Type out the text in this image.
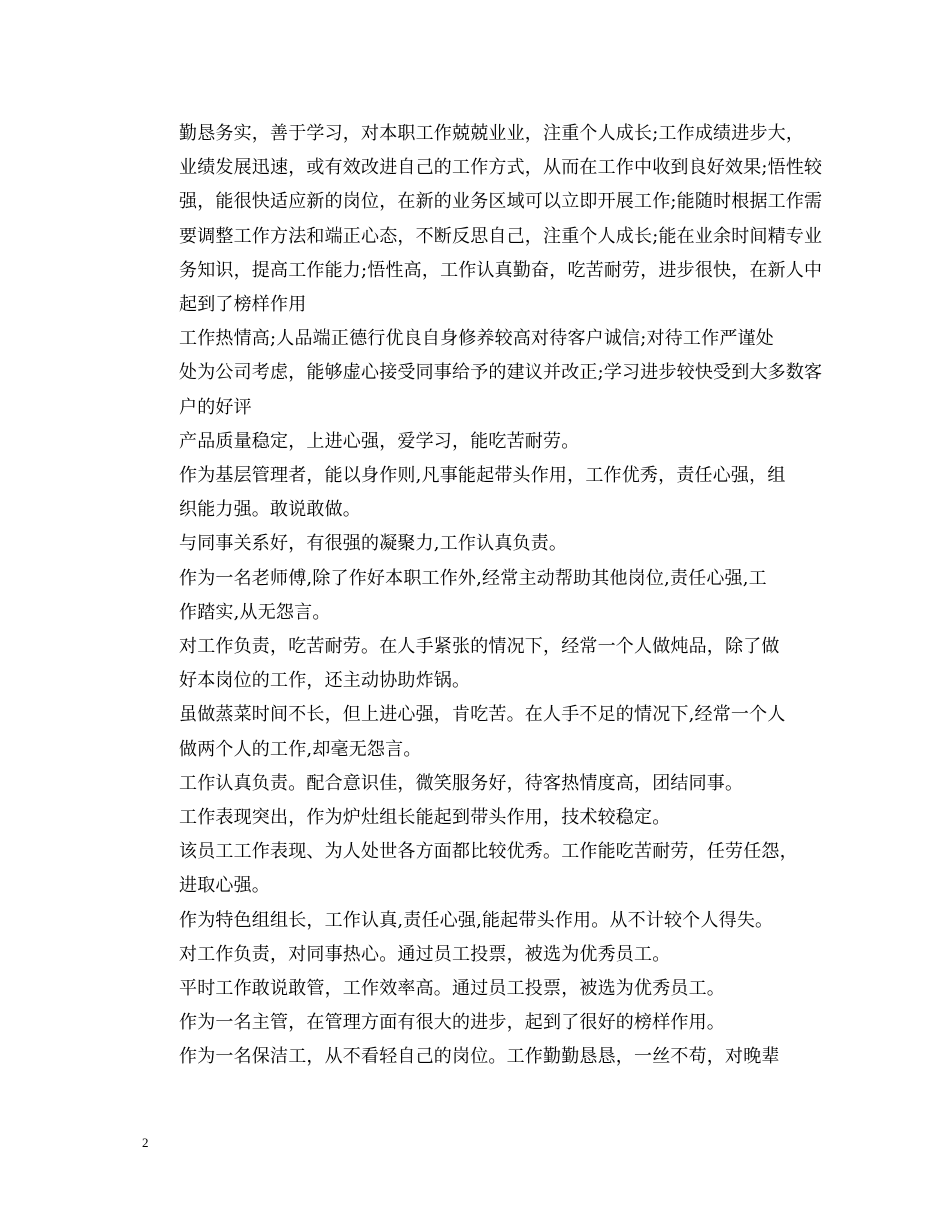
勤恳务实，善于学习，对本职工作兢兢业业，注重个人成长;工作成绩进步大，
业绩发展迅速，或有效改进自己的工作方式，从而在工作中收到良好效果;悟性较
强，能很快适应新的岗位，在新的业务区域可以立即开展工作;能随时根据工作需
要调整工作方法和端正心态，不断反思自己，注重个人成长;能在业余时间精专业
务知识，提高工作能力;悟性高，工作认真勤奋，吃苦耐劳，进步很快，在新人中
起到了榜样作用

工作热情高;人品端正德行优良自身修养较高对待客户诚信;对待工作严谨处
处为公司考虑，能够虚心接受同事给予的建议并改正;学习进步较快受到大多数客
户的好评

产品质量稳定，上进心强，爱学习，能吃苦耐劳。

作为基层管理者，能以身作则,凡事能起带头作用，工作优秀，责任心强，组
织能力强。敢说敢做。

与同事关系好，有很强的凝聚力,工作认真负责。

作为一名老师傅,除了作好本职工作外,经常主动帮助其他岗位,责任心强,工
作踏实,从无怨言。

对工作负责，吃苦耐劳。在人手紧张的情况下，经常一个人做炖品，除了做
好本岗位的工作，还主动协助炸锅。

虽做蒸菜时间不长，但上进心强，肯吃苦。在人手不足的情况下,经常一个人
做两个人的工作,却毫无怨言。

工作认真负责。配合意识佳，微笑服务好，待客热情度高，团结同事。

工作表现突出，作为炉灶组长能起到带头作用，技术较稳定。

该员工工作表现、为人处世各方面都比较优秀。工作能吃苦耐劳，任劳任怨，
进取心强。

作为特色组组长，工作认真,责任心强,能起带头作用。从不计较个人得失。

对工作负责，对同事热心。通过员工投票，被选为优秀员工。

平时工作敢说敢管，工作效率高。通过员工投票，被选为优秀员工。

作为一名主管，在管理方面有很大的进步，起到了很好的榜样作用。

作为一名保洁工，从不看轻自己的岗位。工作勤勤恳恳，一丝不苟，对晚辈

2
